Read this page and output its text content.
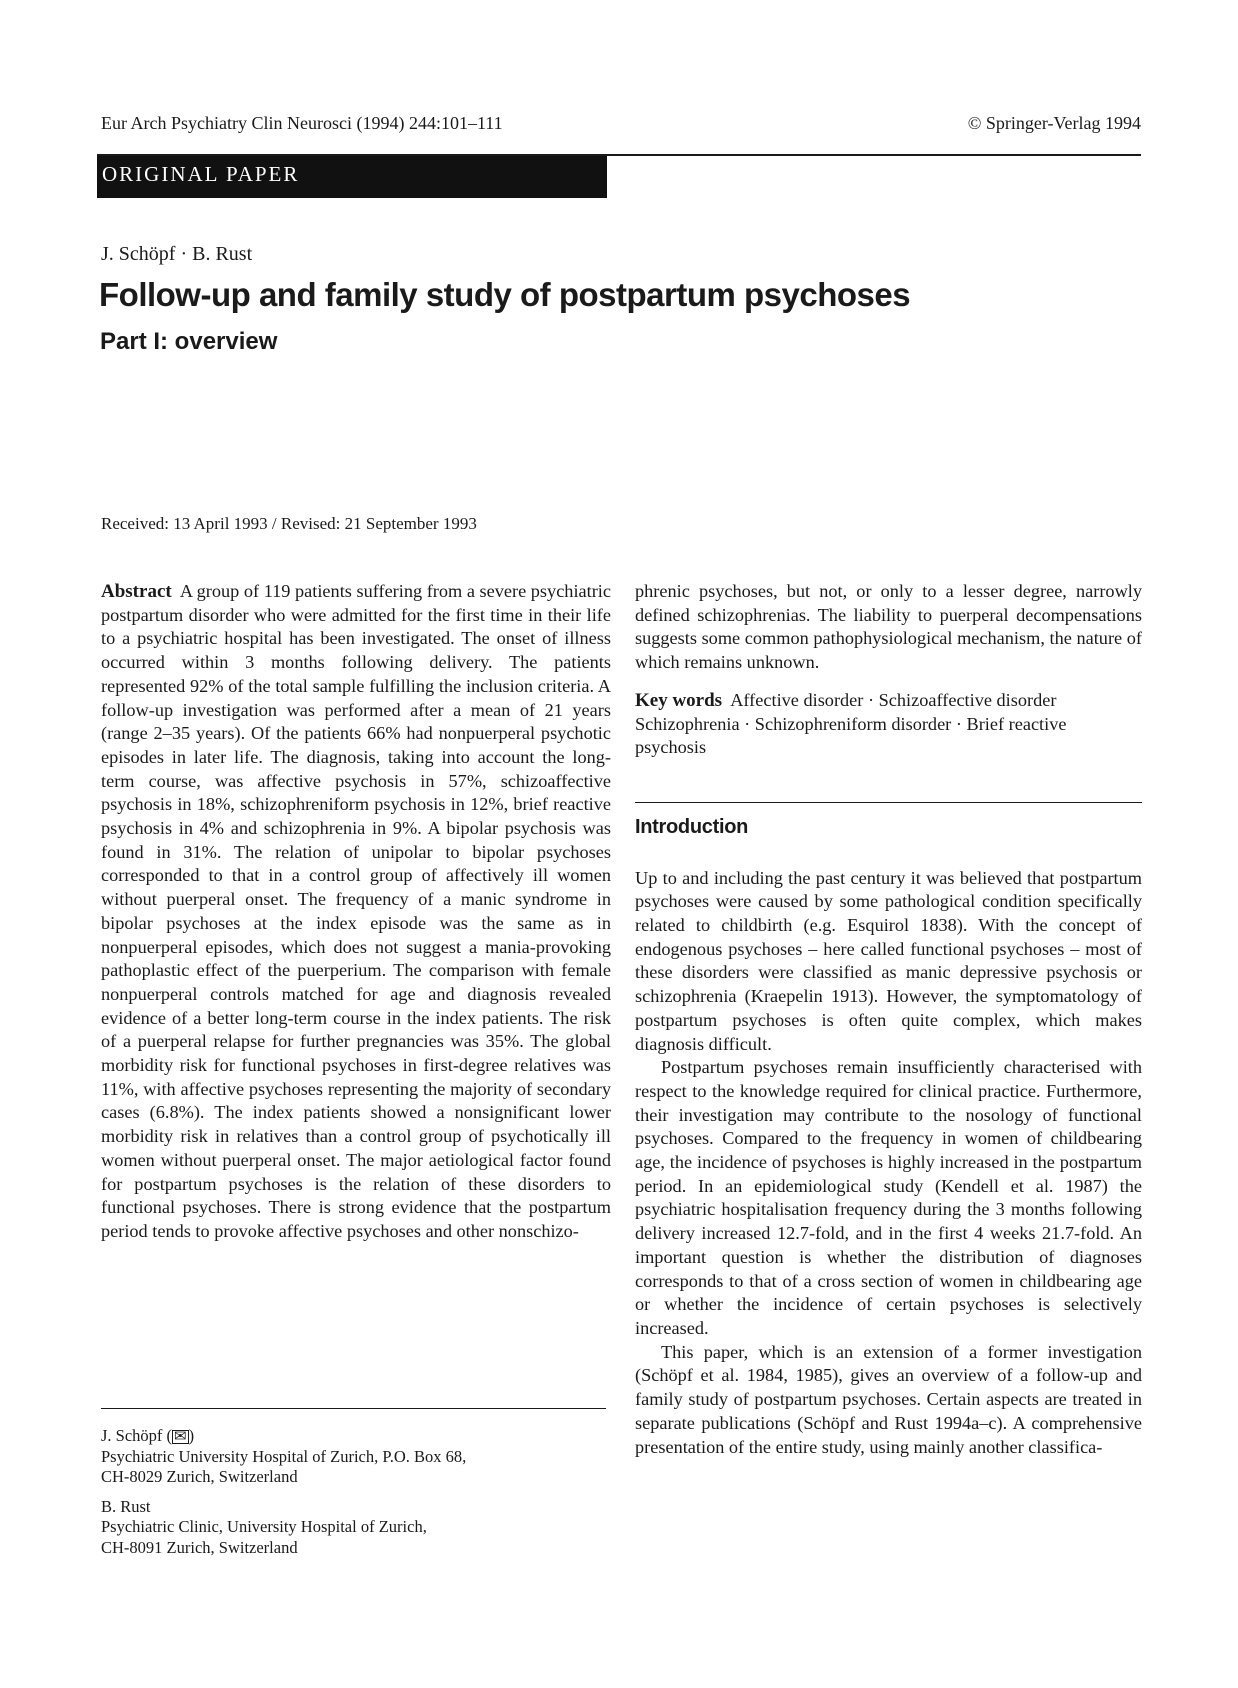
Eur Arch Psychiatry Clin Neurosci (1994) 244:101–111	© Springer-Verlag 1994
ORIGINAL PAPER
J. Schöpf · B. Rust
Follow-up and family study of postpartum psychoses
Part I: overview
Received: 13 April 1993 / Revised: 21 September 1993

Abstract A group of 119 patients suffering from a severe psychiatric postpartum disorder who were admitted for the first time in their life to a psychiatric hospital has been investigated. The onset of illness occurred within 3 months following delivery. The patients represented 92% of the total sample fulfilling the inclusion criteria. A follow-up investigation was performed after a mean of 21 years (range 2–35 years). Of the patients 66% had nonpuerperal psychotic episodes in later life. The diagnosis, taking into account the long-term course, was affective psychosis in 57%, schizoaffective psychosis in 18%, schizophreniform psychosis in 12%, brief reactive psychosis in 4% and schizophrenia in 9%. A bipolar psychosis was found in 31%. The relation of unipolar to bipolar psychoses corresponded to that in a control group of affectively ill women without puerperal onset. The frequency of a manic syndrome in bipolar psychoses at the index episode was the same as in nonpuerperal episodes, which does not suggest a mania-provoking pathoplastic effect of the puerperium. The comparison with female nonpuerperal controls matched for age and diagnosis revealed evidence of a better long-term course in the index patients. The risk of a puerperal relapse for further pregnancies was 35%. The global morbidity risk for functional psychoses in first-degree relatives was 11%, with affective psychoses representing the majority of secondary cases (6.8%). The index patients showed a nonsignificant lower morbidity risk in relatives than a control group of psychotically ill women without puerperal onset. The major aetiological factor found for postpartum psychoses is the relation of these disorders to functional psychoses. There is strong evidence that the postpartum period tends to provoke affective psychoses and other nonschizo-

phrenic psychoses, but not, or only to a lesser degree, narrowly defined schizophrenias. The liability to puerperal decompensations suggests some common pathophysiological mechanism, the nature of which remains unknown.

Key words Affective disorder · Schizoaffective disorder Schizophrenia · Schizophreniform disorder · Brief reactive psychosis

Introduction

Up to and including the past century it was believed that postpartum psychoses were caused by some pathological condition specifically related to childbirth (e.g. Esquirol 1838). With the concept of endogenous psychoses – here called functional psychoses – most of these disorders were classified as manic depressive psychosis or schizophrenia (Kraepelin 1913). However, the symptomatology of postpartum psychoses is often quite complex, which makes diagnosis difficult.

Postpartum psychoses remain insufficiently characterised with respect to the knowledge required for clinical practice. Furthermore, their investigation may contribute to the nosology of functional psychoses. Compared to the frequency in women of childbearing age, the incidence of psychoses is highly increased in the postpartum period. In an epidemiological study (Kendell et al. 1987) the psychiatric hospitalisation frequency during the 3 months following delivery increased 12.7-fold, and in the first 4 weeks 21.7-fold. An important question is whether the distribution of diagnoses corresponds to that of a cross section of women in childbearing age or whether the incidence of certain psychoses is selectively increased.

This paper, which is an extension of a former investigation (Schöpf et al. 1984, 1985), gives an overview of a follow-up and family study of postpartum psychoses. Certain aspects are treated in separate publications (Schöpf and Rust 1994a–c). A comprehensive presentation of the entire study, using mainly another classifica-

J. Schöpf ( ✉ )
Psychiatric University Hospital of Zurich, P.O. Box 68,
CH-8029 Zurich, Switzerland
B. Rust
Psychiatric Clinic, University Hospital of Zurich,
CH-8091 Zurich, Switzerland
